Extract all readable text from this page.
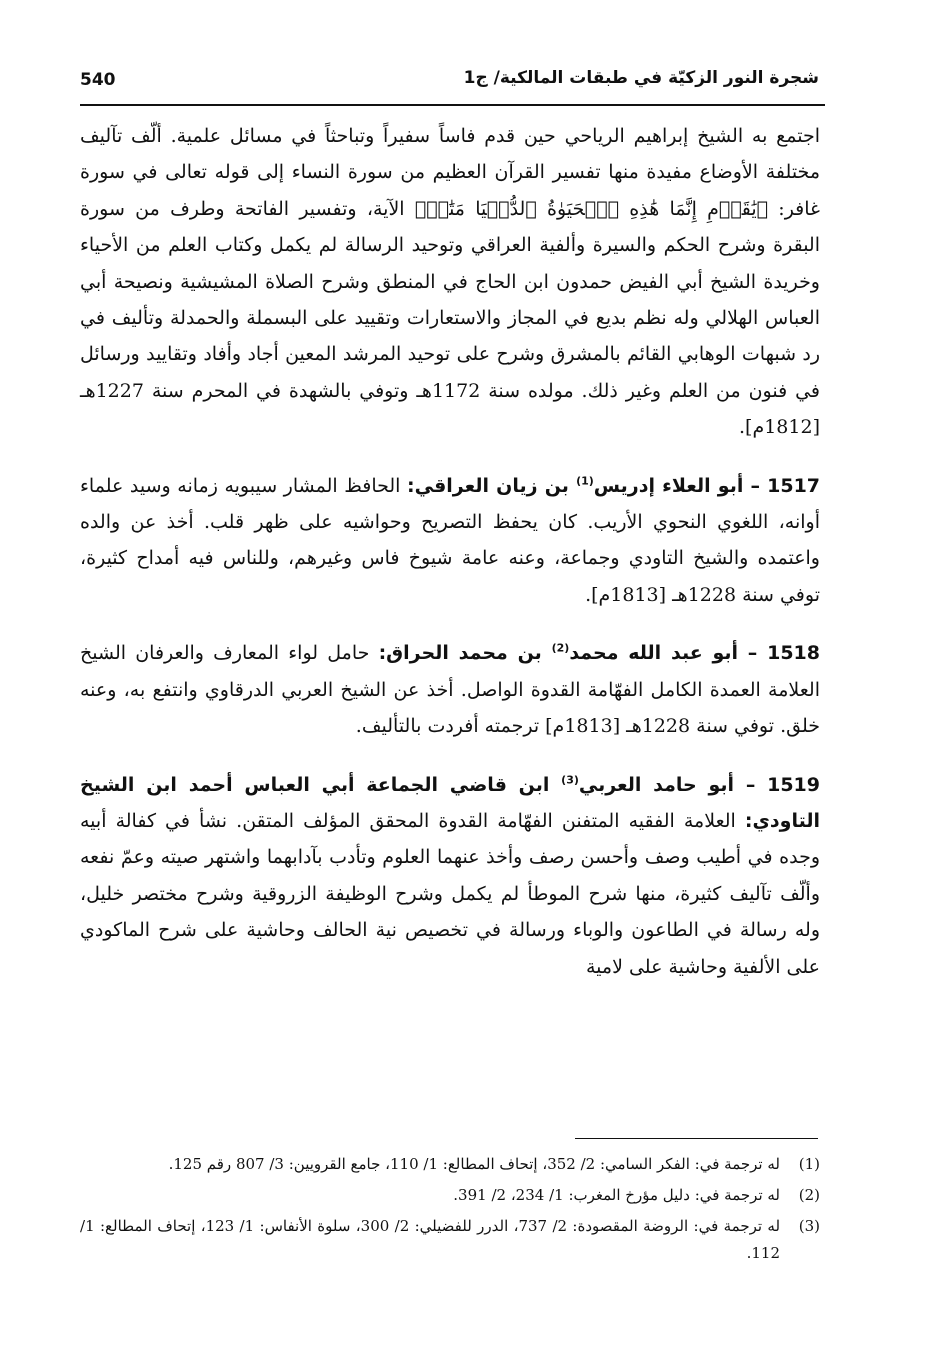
540	شجرة النور الزكيّة في طبقات المالكية/ ج1

اجتمع به الشيخ إبراهيم الرياحي حين قدم فاساً سفيراً وتباحثاً في مسائل علمية. ألّف تآليف مختلفة الأوضاع مفيدة منها تفسير القرآن العظيم من سورة النساء إلى قوله تعالى في سورة غافر: ﴿يَٰقَوۡمِ إِنَّمَا هَٰذِهِ ٱلۡحَيَوٰةُ ٱلدُّنۡيَا مَتَٰعٞ﴾ الآية، وتفسير الفاتحة وطرف من سورة البقرة وشرح الحكم والسيرة وألفية العراقي وتوحيد الرسالة لم يكمل وكتاب العلم من الأحياء وخريدة الشيخ أبي الفيض حمدون ابن الحاج في المنطق وشرح الصلاة المشيشية ونصيحة أبي العباس الهلالي وله نظم بديع في المجاز والاستعارات وتقييد على البسملة والحمدلة وتأليف في رد شبهات الوهابي القائم بالمشرق وشرح على توحيد المرشد المعين أجاد وأفاد وتقاييد ورسائل في فنون من العلم وغير ذلك. مولده سنة 1172هـ وتوفي بالشهدة في المحرم سنة 1227هـ [1812م].

1517 – أبو العلاء إدريس$^{(1)}$ بن زيان العراقي: الحافظ المشار سيبويه زمانه وسيد علماء أوانه، اللغوي النحوي الأريب. كان يحفظ التصريح وحواشيه على ظهر قلب. أخذ عن والده واعتمده والشيخ التاودي وجماعة، وعنه عامة شيوخ فاس وغيرهم، وللناس فيه أمداح كثيرة، توفي سنة 1228هـ [1813م].

1518 – أبو عبد الله محمد$^{(2)}$ بن محمد الحراق: حامل لواء المعارف والعرفان الشيخ العلامة العمدة الكامل الفهّامة القدوة الواصل. أخذ عن الشيخ العربي الدرقاوي وانتفع به، وعنه خلق. توفي سنة 1228هـ [1813م] ترجمته أفردت بالتأليف.

1519 – أبو حامد العربي$^{(3)}$ ابن قاضي الجماعة أبي العباس أحمد ابن الشيخ التاودي: العلامة الفقيه المتفنن الفهّامة القدوة المحقق المؤلف المتقن. نشأ في كفالة أبيه وجده في أطيب وصف وأحسن رصف وأخذ عنهما العلوم وتأدب بآدابهما واشتهر صيته وعمّ نفعه وألّف تآليف كثيرة، منها شرح الموطأ لم يكمل وشرح الوظيفة الزروقية وشرح مختصر خليل، وله رسالة في الطاعون والوباء ورسالة في تخصيص نية الحالف وحاشية على شرح الماكودي على الألفية وحاشية على لامية

(1)
له ترجمة في: الفكر السامي: 2/ 352، إتحاف المطالع: 1/ 110، جامع القرويين: 3/ 807 رقم 125.
(2)
له ترجمة في: دليل مؤرخ المغرب: 1/ 234، 2/ 391.
(3)
له ترجمة في: الروضة المقصودة: 2/ 737، الدرر للفضيلي: 2/ 300، سلوة الأنفاس: 1/ 123، إتحاف المطالع: 1/ 112.
